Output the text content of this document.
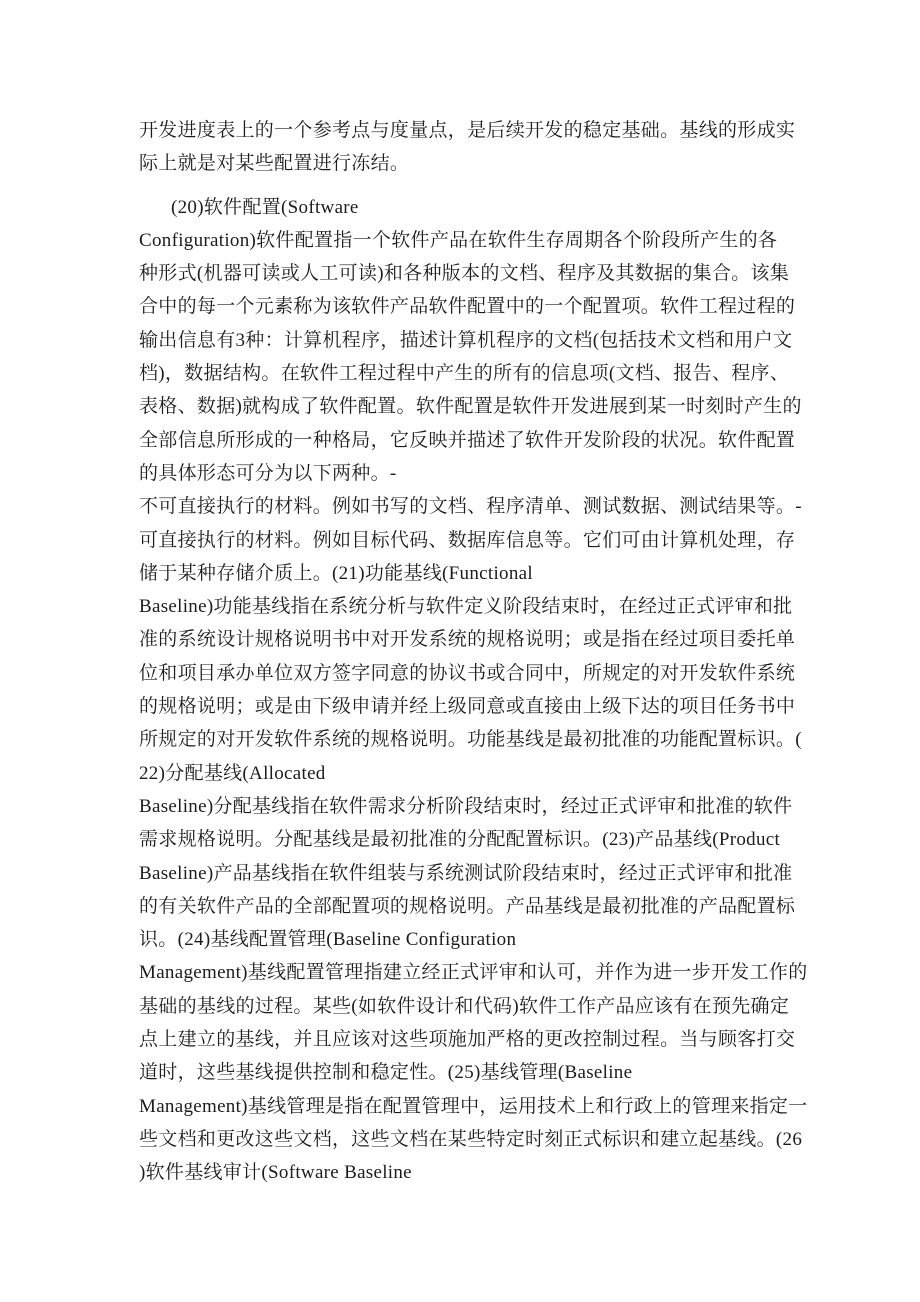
开发进度表上的一个参考点与度量点，是后续开发的稳定基础。基线的形成实
际上就是对某些配置进行冻结。
(20)软件配置(Software
Configuration)软件配置指一个软件产品在软件生存周期各个阶段所产生的各
种形式(机器可读或人工可读)和各种版本的文档、程序及其数据的集合。该集
合中的每一个元素称为该软件产品软件配置中的一个配置项。软件工程过程的
输出信息有3种：计算机程序，描述计算机程序的文档(包括技术文档和用户文
档)，数据结构。在软件工程过程中产生的所有的信息项(文档、报告、程序、
表格、数据)就构成了软件配置。软件配置是软件开发进展到某一时刻时产生的
全部信息所形成的一种格局，它反映并描述了软件开发阶段的状况。软件配置
的具体形态可分为以下两种。-
不可直接执行的材料。例如书写的文档、程序清单、测试数据、测试结果等。-
可直接执行的材料。例如目标代码、数据库信息等。它们可由计算机处理，存
储于某种存储介质上。(21)功能基线(Functional
Baseline)功能基线指在系统分析与软件定义阶段结束时，在经过正式评审和批
准的系统设计规格说明书中对开发系统的规格说明；或是指在经过项目委托单
位和项目承办单位双方签字同意的协议书或合同中，所规定的对开发软件系统
的规格说明；或是由下级申请并经上级同意或直接由上级下达的项目任务书中
所规定的对开发软件系统的规格说明。功能基线是最初批准的功能配置标识。(
22)分配基线(Allocated
Baseline)分配基线指在软件需求分析阶段结束时，经过正式评审和批准的软件
需求规格说明。分配基线是最初批准的分配配置标识。(23)产品基线(Product
Baseline)产品基线指在软件组装与系统测试阶段结束时，经过正式评审和批准
的有关软件产品的全部配置项的规格说明。产品基线是最初批准的产品配置标
识。(24)基线配置管理(Baseline Configuration
Management)基线配置管理指建立经正式评审和认可，并作为进一步开发工作的
基础的基线的过程。某些(如软件设计和代码)软件工作产品应该有在预先确定
点上建立的基线，并且应该对这些项施加严格的更改控制过程。当与顾客打交
道时，这些基线提供控制和稳定性。(25)基线管理(Baseline
Management)基线管理是指在配置管理中，运用技术上和行政上的管理来指定一
些文档和更改这些文档，这些文档在某些特定时刻正式标识和建立起基线。(26
)软件基线审计(Software Baseline
